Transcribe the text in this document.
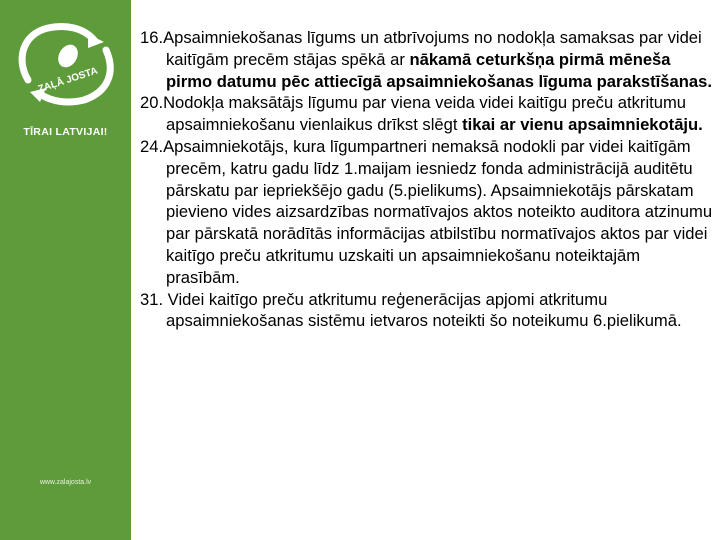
ZAĻĀ JOSTA
TĪRAI LATVIJAI!
www.zalajosta.lv

16.Apsaimniekošanas līgums un atbrīvojums no nodokļa samaksas par videi kaitīgām precēm stājas spēkā ar nākamā ceturkšņa pirmā mēneša pirmo datumu pēc attiecīgā apsaimniekošanas līguma parakstīšanas.

20.Nodokļa maksātājs līgumu par viena veida videi kaitīgu preču atkritumu apsaimniekošanu vienlaikus drīkst slēgt tikai ar vienu apsaimniekotāju.

24.Apsaimniekotājs, kura līgumpartneri nemaksā nodokli par videi kaitīgām precēm, katru gadu līdz 1.maijam iesniedz fonda administrācijā auditētu pārskatu par iepriekšējo gadu (5.pielikums). Apsaimniekotājs pārskatam pievieno vides aizsardzības normatīvajos aktos noteikto auditora atzinumu par pārskatā norādītās informācijas atbilstību normatīvajos aktos par videi kaitīgo preču atkritumu uzskaiti un apsaimniekošanu noteiktajām prasībām.

31. Videi kaitīgo preču atkritumu reģenerācijas apjomi atkritumu apsaimniekošanas sistēmu ietvaros noteikti šo noteikumu 6.pielikumā.
